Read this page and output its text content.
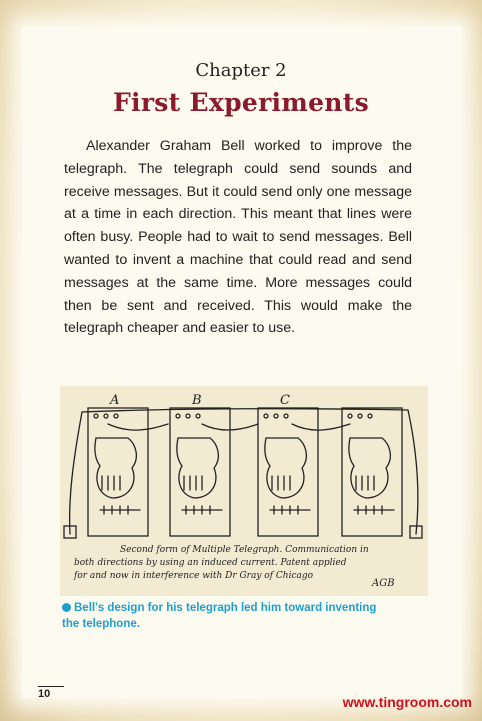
Chapter 2
First Experiments

Alexander Graham Bell worked to improve the telegraph. The telegraph could send sounds and receive messages. But it could send only one message at a time in each direction. This meant that lines were often busy. People had to wait to send messages. Bell wanted to invent a machine that could read and send messages at the same time. More messages could then be sent and received. This would make the telegraph cheaper and easier to use.

A	B	C
Second form of Multiple Telegraph. Communication in
both directions by using an induced current. Patent applied
for and now in interference with Dr Gray of Chicago
AGB
Bell's design for his telegraph led him toward inventing the telephone.
10	www.tingroom.com
